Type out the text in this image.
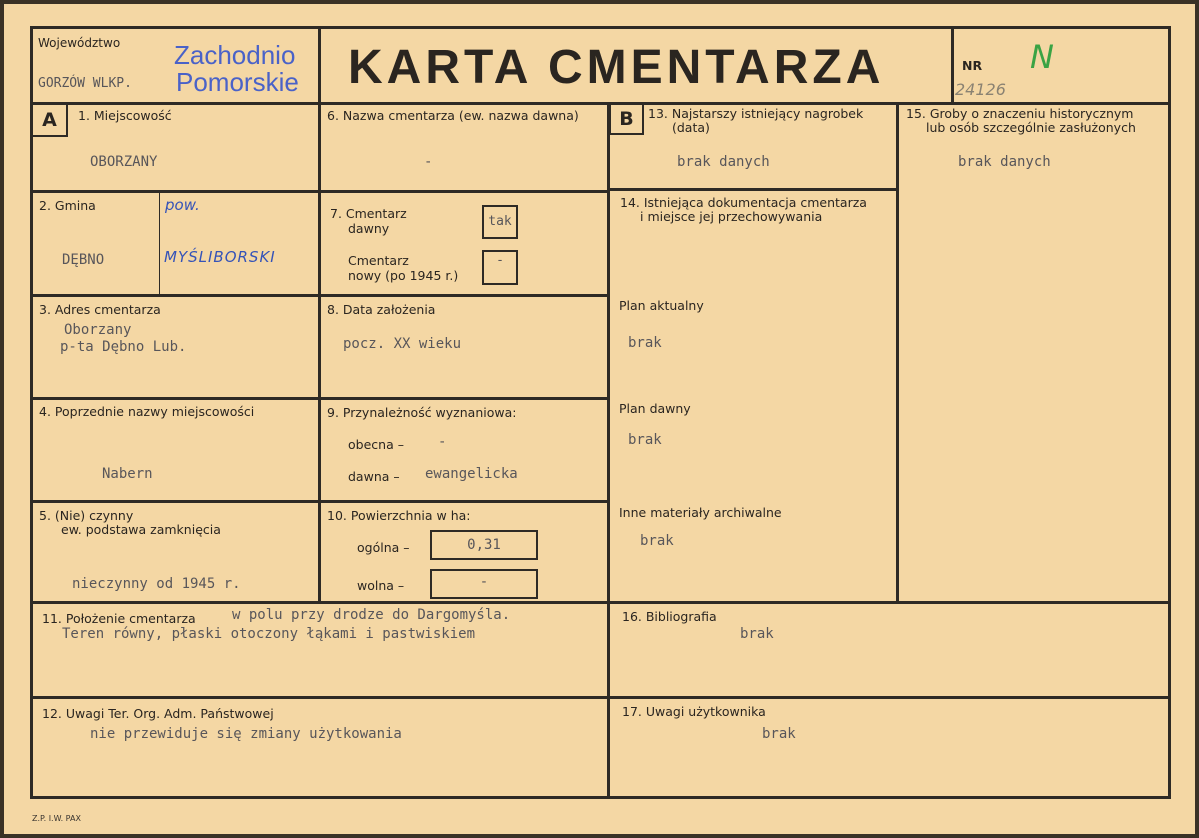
Województwo
GORZÓW WLKP.
Zachodnio
Pomorskie KARTA CMENTARZA	NR N
24126
A	1. Miejscowość
OBORZANY
2. Gmina
DĘBNO
pow.
MYŚLIBORSKI
3. Adres cmentarza
Oborzany
p-ta Dębno Lub.
4. Poprzednie nazwy miejscowości
Nabern
5. (Nie) czynny
ew. podstawa zamknięcia
nieczynny od 1945 r.
6. Nazwa cmentarza (ew. nazwa dawna)
-
7. Cmentarz
dawny	tak
Cmentarz
nowy (po 1945 r.)
-
8. Data założenia
pocz. XX wieku
9. Przynależność wyznaniowa:
obecna – -
dawna – ewangelicka
10. Powierzchnia w ha:
ogólna –	0,31
wolna –	-
11. Położenie cmentarza	w polu przy drodze do Dargomyśla.
Teren równy, płaski otoczony łąkami i pastwiskiem
12. Uwagi Ter. Org. Adm. Państwowej
nie przewiduje się zmiany użytkowania
B	13. Najstarszy istniejący nagrobek
(data)
brak danych
14. Istniejąca dokumentacja cmentarza
i miejsce jej przechowywania
Plan aktualny
brak
Plan dawny
brak
Inne materiały archiwalne
brak
15. Groby o znaczeniu historycznym
lub osób szczególnie zasłużonych
brak danych
16. Bibliografia
brak
17. Uwagi użytkownika
brak
Z.P. I.W. PAX
